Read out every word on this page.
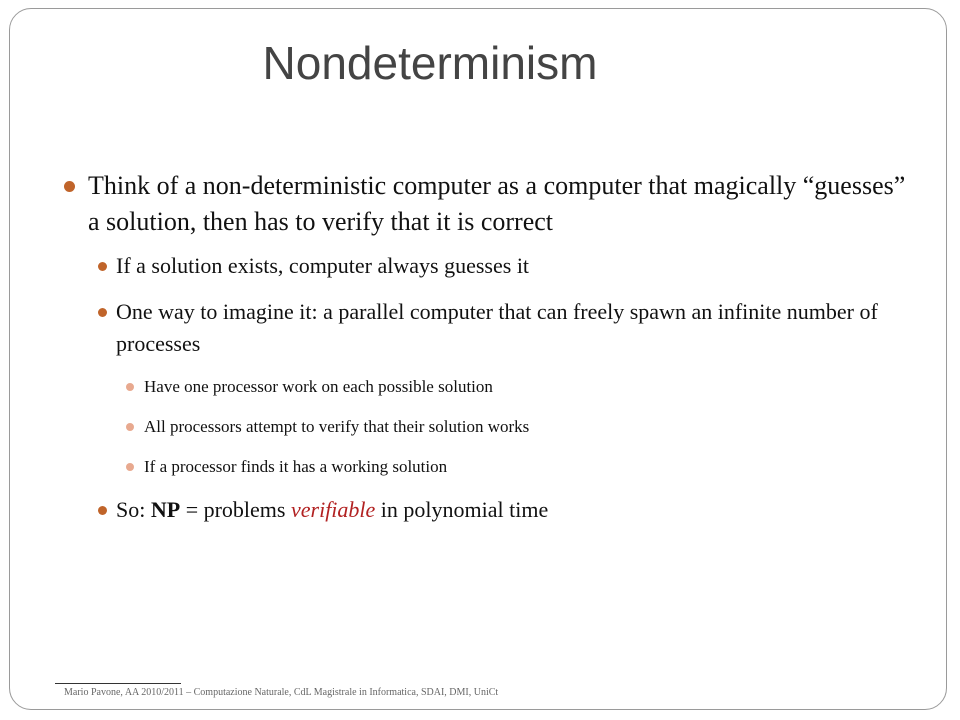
Nondeterminism
Think of a non-deterministic computer as a computer that magically “guesses” a solution, then has to verify that it is correct
If a solution exists, computer always guesses it
One way to imagine it: a parallel computer that can freely spawn an infinite number of processes
Have one processor work on each possible solution
All processors attempt to verify that their solution works
If a processor finds it has a working solution
So: NP = problems verifiable in polynomial time
Mario Pavone, AA 2010/2011 – Computazione Naturale, CdL Magistrale in Informatica, SDAI, DMI, UniCt
